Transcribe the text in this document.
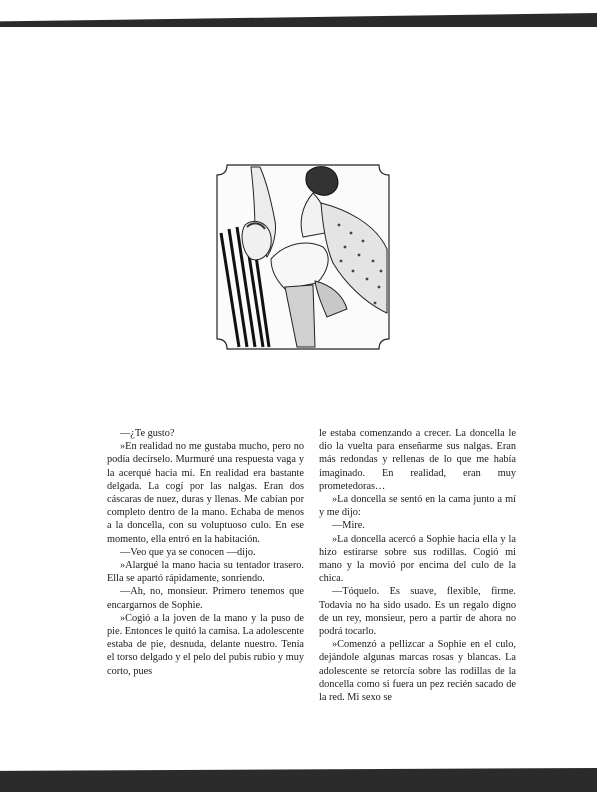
—¿Te gusto?

»En realidad no me gustaba mucho, pero no podía decírselo. Murmuré una respuesta vaga y la acerqué hacia mí. En realidad era bastante delgada. La cogí por las nalgas. Eran dos cáscaras de nuez, duras y llenas. Me cabían por completo dentro de la mano. Echaba de menos a la doncella, con su voluptuoso culo. En ese momento, ella entró en la habitación.

—Veo que ya se conocen —dijo.

»Alargué la mano hacia su tentador trasero. Ella se apartó rápidamente, sonriendo.

—Ah, no, monsieur. Primero tenemos que encargarnos de Sophie.

»Cogió a la joven de la mano y la puso de pie. Entonces le quitó la camisa. La adolescente estaba de pie, desnuda, delante nuestro. Tenía el torso delgado y el pelo del pubis rubio y muy corto, pues

le estaba comenzando a crecer. La doncella le dio la vuelta para enseñarme sus nalgas. Eran más redondas y rellenas de lo que me había imaginado. En realidad, eran muy prometedoras…

»La doncella se sentó en la cama junto a mí y me dijo:

—Mire.

»La doncella acercó a Sophie hacia ella y la hizo estirarse sobre sus rodillas. Cogió mi mano y la movió por encima del culo de la chica.

—Tóquelo. Es suave, flexible, firme. Todavía no ha sido usado. Es un regalo digno de un rey, monsieur, pero a partir de ahora no podrá tocarlo.

»Comenzó a pellizcar a Sophie en el culo, dejándole algunas marcas rosas y blancas. La adolescente se retorcía sobre las rodillas de la doncella como si fuera un pez recién sacado de la red. Mi sexo se
